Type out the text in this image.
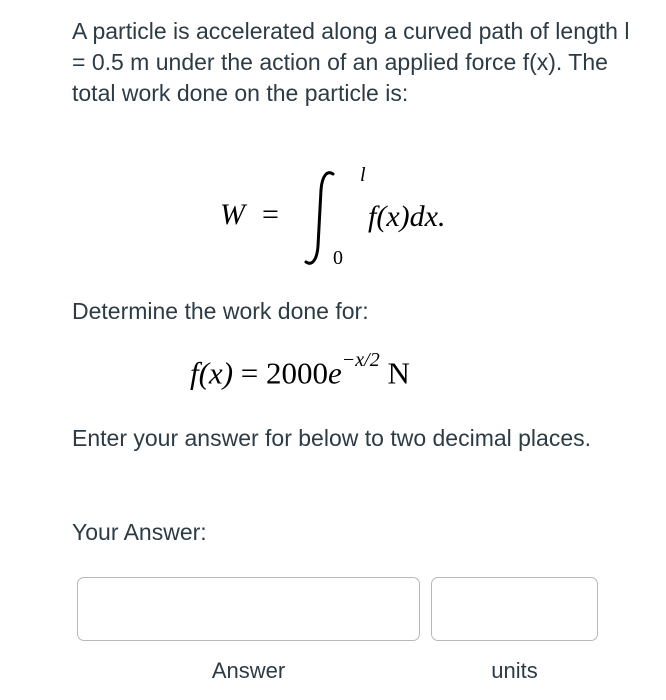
A particle is accelerated along a curved path of length l = 0.5 m under the action of an applied force f(x). The total work done on the particle is:
W =
l
0
f(x)dx.
Determine the work done for:
$f(x) = 2000e^{-x/2}$ N
Enter your answer for below to two decimal places.
Your Answer:
Answer	units
